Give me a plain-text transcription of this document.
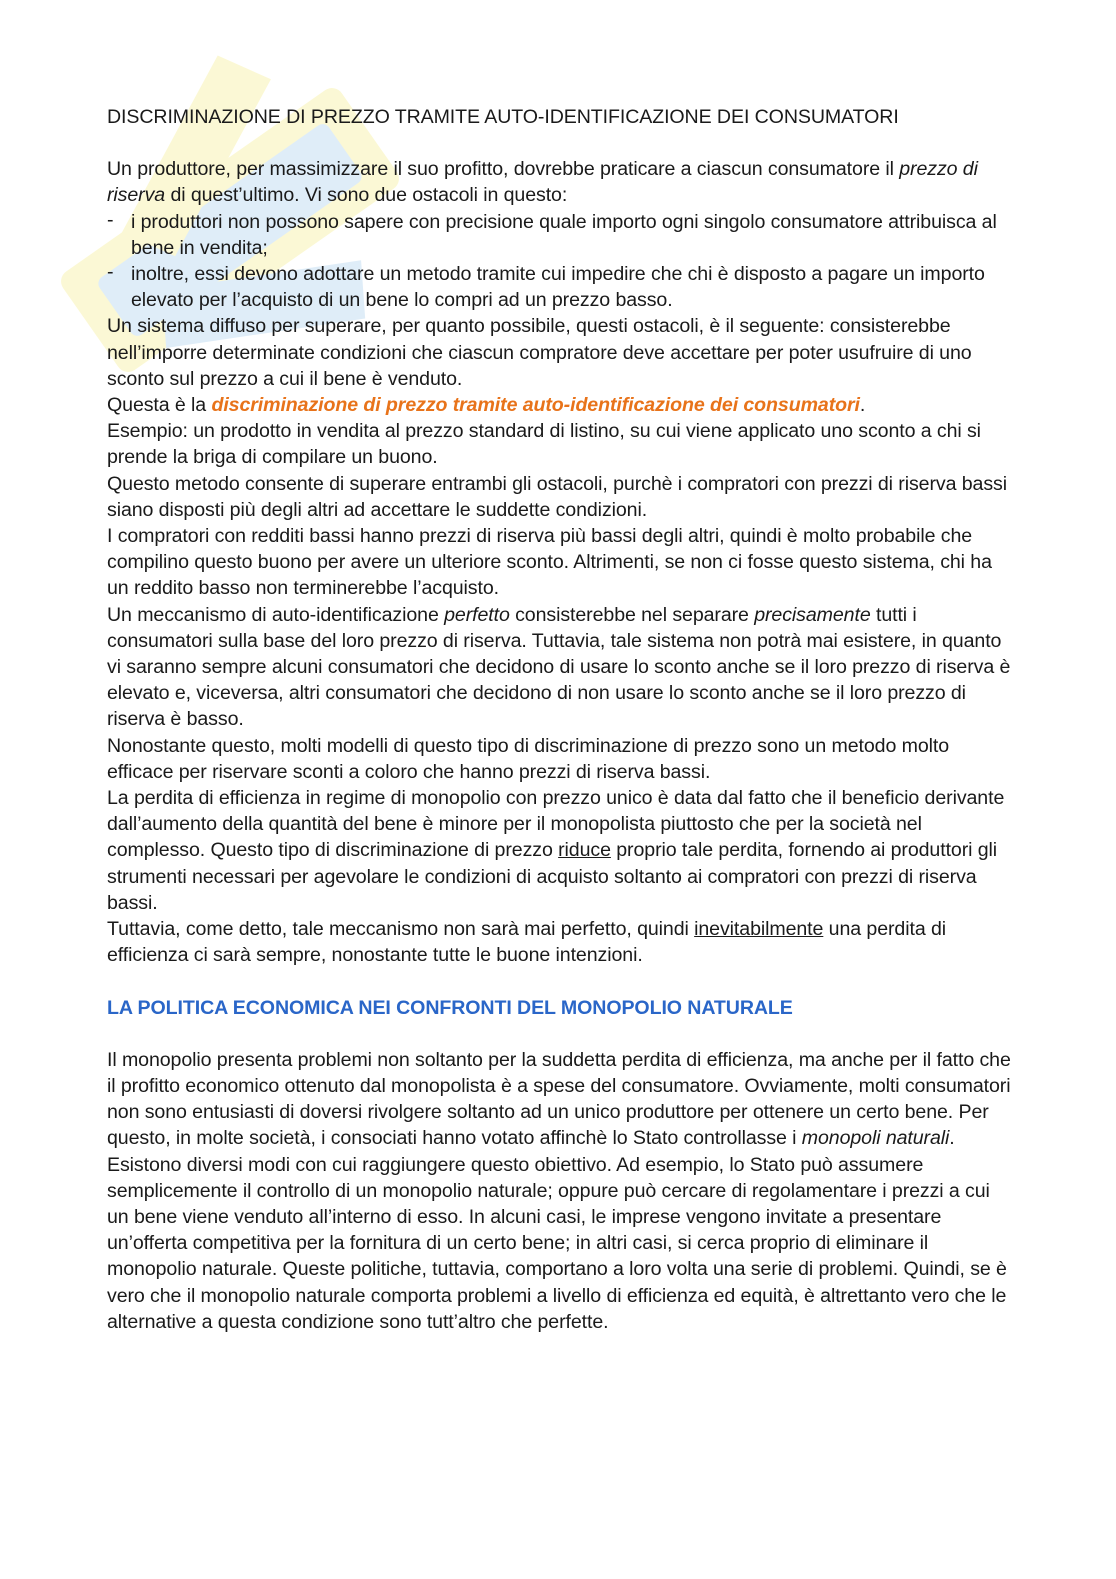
DISCRIMINAZIONE DI PREZZO TRAMITE AUTO-IDENTIFICAZIONE DEI CONSUMATORI

Un produttore, per massimizzare il suo profitto, dovrebbe praticare a ciascun consumatore il prezzo di riserva di quest’ultimo. Vi sono due ostacoli in questo:

- i produttori non possono sapere con precisione quale importo ogni singolo consumatore attribuisca al bene in vendita;
- inoltre, essi devono adottare un metodo tramite cui impedire che chi è disposto a pagare un importo elevato per l’acquisto di un bene lo compri ad un prezzo basso.

Un sistema diffuso per superare, per quanto possibile, questi ostacoli, è il seguente: consisterebbe nell’imporre determinate condizioni che ciascun compratore deve accettare per poter usufruire di uno sconto sul prezzo a cui il bene è venduto.

Questa è la discriminazione di prezzo tramite auto-identificazione dei consumatori.

Esempio: un prodotto in vendita al prezzo standard di listino, su cui viene applicato uno sconto a chi si prende la briga di compilare un buono.

Questo metodo consente di superare entrambi gli ostacoli, purchè i compratori con prezzi di riserva bassi siano disposti più degli altri ad accettare le suddette condizioni.

I compratori con redditi bassi hanno prezzi di riserva più bassi degli altri, quindi è molto probabile che compilino questo buono per avere un ulteriore sconto. Altrimenti, se non ci fosse questo sistema, chi ha un reddito basso non terminerebbe l’acquisto.

Un meccanismo di auto-identificazione perfetto consisterebbe nel separare precisamente tutti i consumatori sulla base del loro prezzo di riserva. Tuttavia, tale sistema non potrà mai esistere, in quanto vi saranno sempre alcuni consumatori che decidono di usare lo sconto anche se il loro prezzo di riserva è elevato e, viceversa, altri consumatori che decidono di non usare lo sconto anche se il loro prezzo di riserva è basso.

Nonostante questo, molti modelli di questo tipo di discriminazione di prezzo sono un metodo molto efficace per riservare sconti a coloro che hanno prezzi di riserva bassi.

La perdita di efficienza in regime di monopolio con prezzo unico è data dal fatto che il beneficio derivante dall’aumento della quantità del bene è minore per il monopolista piuttosto che per la società nel complesso. Questo tipo di discriminazione di prezzo riduce proprio tale perdita, fornendo ai produttori gli strumenti necessari per agevolare le condizioni di acquisto soltanto ai compratori con prezzi di riserva bassi.

Tuttavia, come detto, tale meccanismo non sarà mai perfetto, quindi inevitabilmente una perdita di efficienza ci sarà sempre, nonostante tutte le buone intenzioni.

LA POLITICA ECONOMICA NEI CONFRONTI DEL MONOPOLIO NATURALE

Il monopolio presenta problemi non soltanto per la suddetta perdita di efficienza, ma anche per il fatto che il profitto economico ottenuto dal monopolista è a spese del consumatore. Ovviamente, molti consumatori non sono entusiasti di doversi rivolgere soltanto ad un unico produttore per ottenere un certo bene. Per questo, in molte società, i consociati hanno votato affinchè lo Stato controllasse i monopoli naturali.

Esistono diversi modi con cui raggiungere questo obiettivo. Ad esempio, lo Stato può assumere semplicemente il controllo di un monopolio naturale; oppure può cercare di regolamentare i prezzi a cui un bene viene venduto all’interno di esso. In alcuni casi, le imprese vengono invitate a presentare un’offerta competitiva per la fornitura di un certo bene; in altri casi, si cerca proprio di eliminare il monopolio naturale. Queste politiche, tuttavia, comportano a loro volta una serie di problemi. Quindi, se è vero che il monopolio naturale comporta problemi a livello di efficienza ed equità, è altrettanto vero che le alternative a questa condizione sono tutt’altro che perfette.
